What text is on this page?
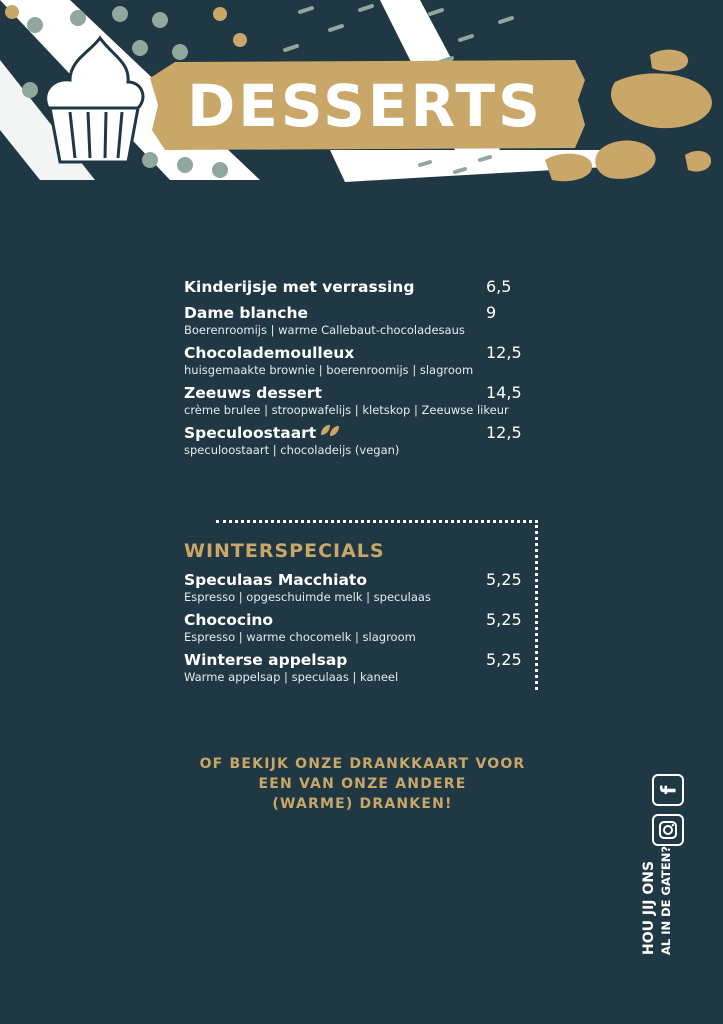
DESSERTS
Kinderijsje met verrassing	6,5
Dame blanche	9
Boerenroomijs | warme Callebaut-chocoladesaus
Chocolademoulleux	12,5
huisgemaakte brownie | boerenroomijs | slagroom
Zeeuws dessert	14,5
crème brulee | stroopwafelijs | kletskop | Zeeuwse likeur
Speculoostaart	12,5
speculoostaart | chocoladeijs (vegan)
WINTERSPECIALS
Speculaas Macchiato	5,25
Espresso | opgeschuimde melk | speculaas
Chococino	5,25
Espresso | warme chocomelk | slagroom
Winterse appelsap	5,25
Warme appelsap | speculaas | kaneel
OF BEKIJK ONZE DRANKKAART VOOR
EEN VAN ONZE ANDERE
(WARME) DRANKEN!
f
HOU JIJ ONS AL IN DE GATEN?
